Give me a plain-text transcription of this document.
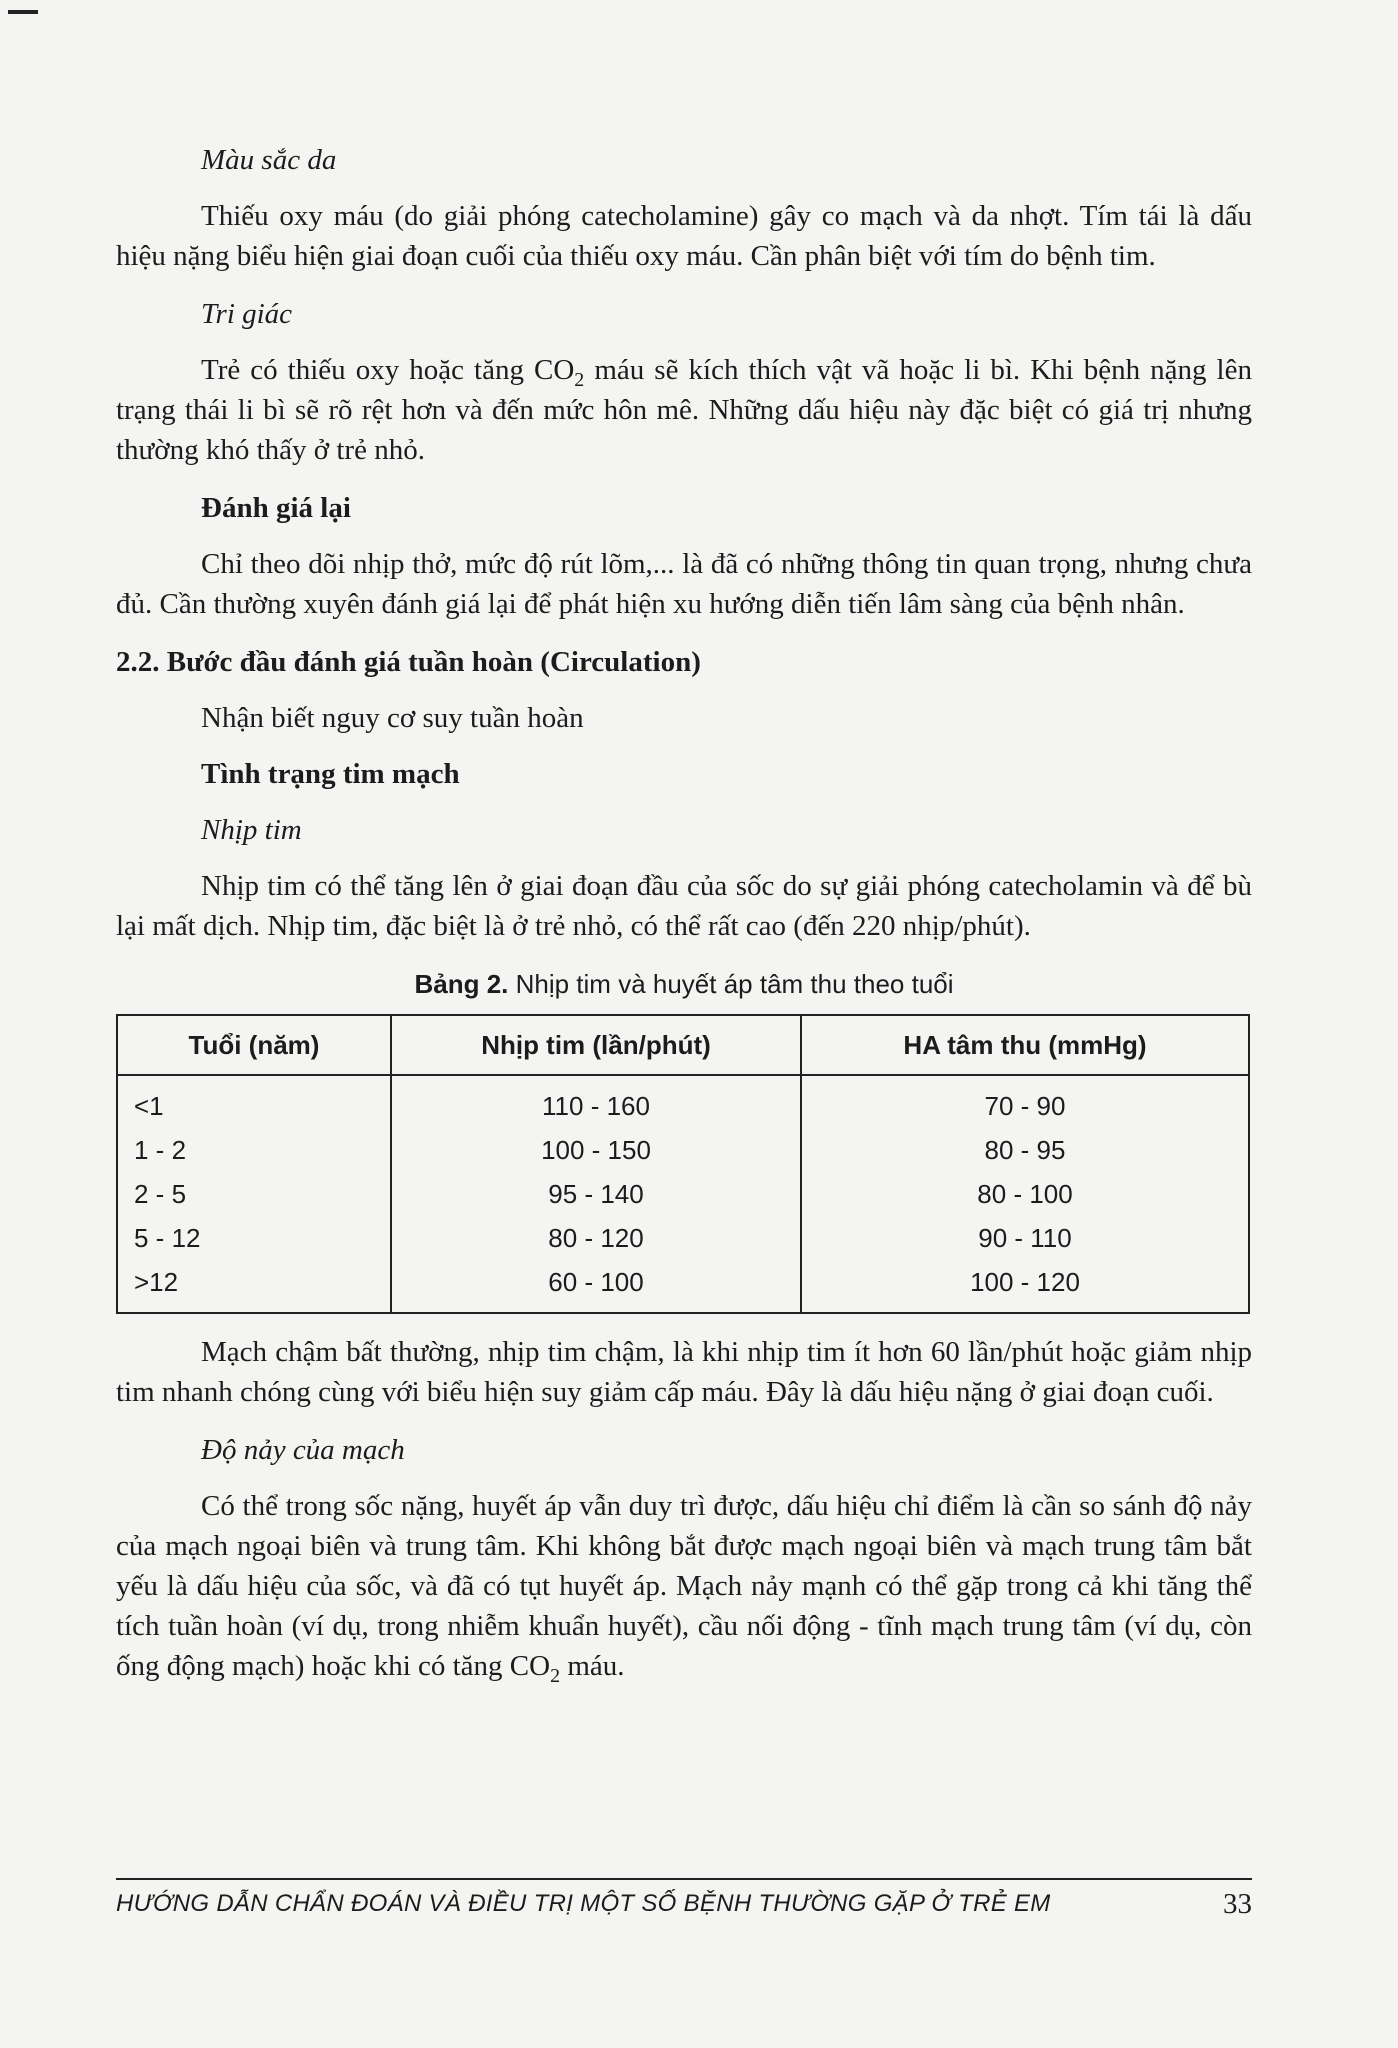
Màu sắc da

Thiếu oxy máu (do giải phóng catecholamine) gây co mạch và da nhợt. Tím tái là dấu hiệu nặng biểu hiện giai đoạn cuối của thiếu oxy máu. Cần phân biệt với tím do bệnh tim.

Tri giác

Trẻ có thiếu oxy hoặc tăng $CO_2$ máu sẽ kích thích vật vã hoặc li bì. Khi bệnh nặng lên trạng thái li bì sẽ rõ rệt hơn và đến mức hôn mê. Những dấu hiệu này đặc biệt có giá trị nhưng thường khó thấy ở trẻ nhỏ.

Đánh giá lại

Chỉ theo dõi nhịp thở, mức độ rút lõm,... là đã có những thông tin quan trọng, nhưng chưa đủ. Cần thường xuyên đánh giá lại để phát hiện xu hướng diễn tiến lâm sàng của bệnh nhân.

2.2. Bước đầu đánh giá tuần hoàn (Circulation)
Nhận biết nguy cơ suy tuần hoàn
Tình trạng tim mạch
Nhịp tim

Nhịp tim có thể tăng lên ở giai đoạn đầu của sốc do sự giải phóng catecholamin và để bù lại mất dịch. Nhịp tim, đặc biệt là ở trẻ nhỏ, có thể rất cao (đến 220 nhịp/phút).

Bảng 2. Nhịp tim và huyết áp tâm thu theo tuổi
Tuổi (năm)	Nhịp tim (lần/phút)	HA tâm thu (mmHg)
<1	110 - 160	70 - 90
1 - 2	100 - 150	80 - 95
2 - 5	95 - 140	80 - 100
5 - 12	80 - 120	90 - 110
>12	60 - 100	100 - 120

Mạch chậm bất thường, nhịp tim chậm, là khi nhịp tim ít hơn 60 lần/phút hoặc giảm nhịp tim nhanh chóng cùng với biểu hiện suy giảm cấp máu. Đây là dấu hiệu nặng ở giai đoạn cuối.

Độ nảy của mạch

Có thể trong sốc nặng, huyết áp vẫn duy trì được, dấu hiệu chỉ điểm là cần so sánh độ nảy của mạch ngoại biên và trung tâm. Khi không bắt được mạch ngoại biên và mạch trung tâm bắt yếu là dấu hiệu của sốc, và đã có tụt huyết áp. Mạch nảy mạnh có thể gặp trong cả khi tăng thể tích tuần hoàn (ví dụ, trong nhiễm khuẩn huyết), cầu nối động - tĩnh mạch trung tâm (ví dụ, còn ống động mạch) hoặc khi có tăng $CO_2$ máu.

HƯỚNG DẪN CHẨN ĐOÁN VÀ ĐIỀU TRỊ MỘT SỐ BỆNH THƯỜNG GẶP Ở TRẺ EM	33
